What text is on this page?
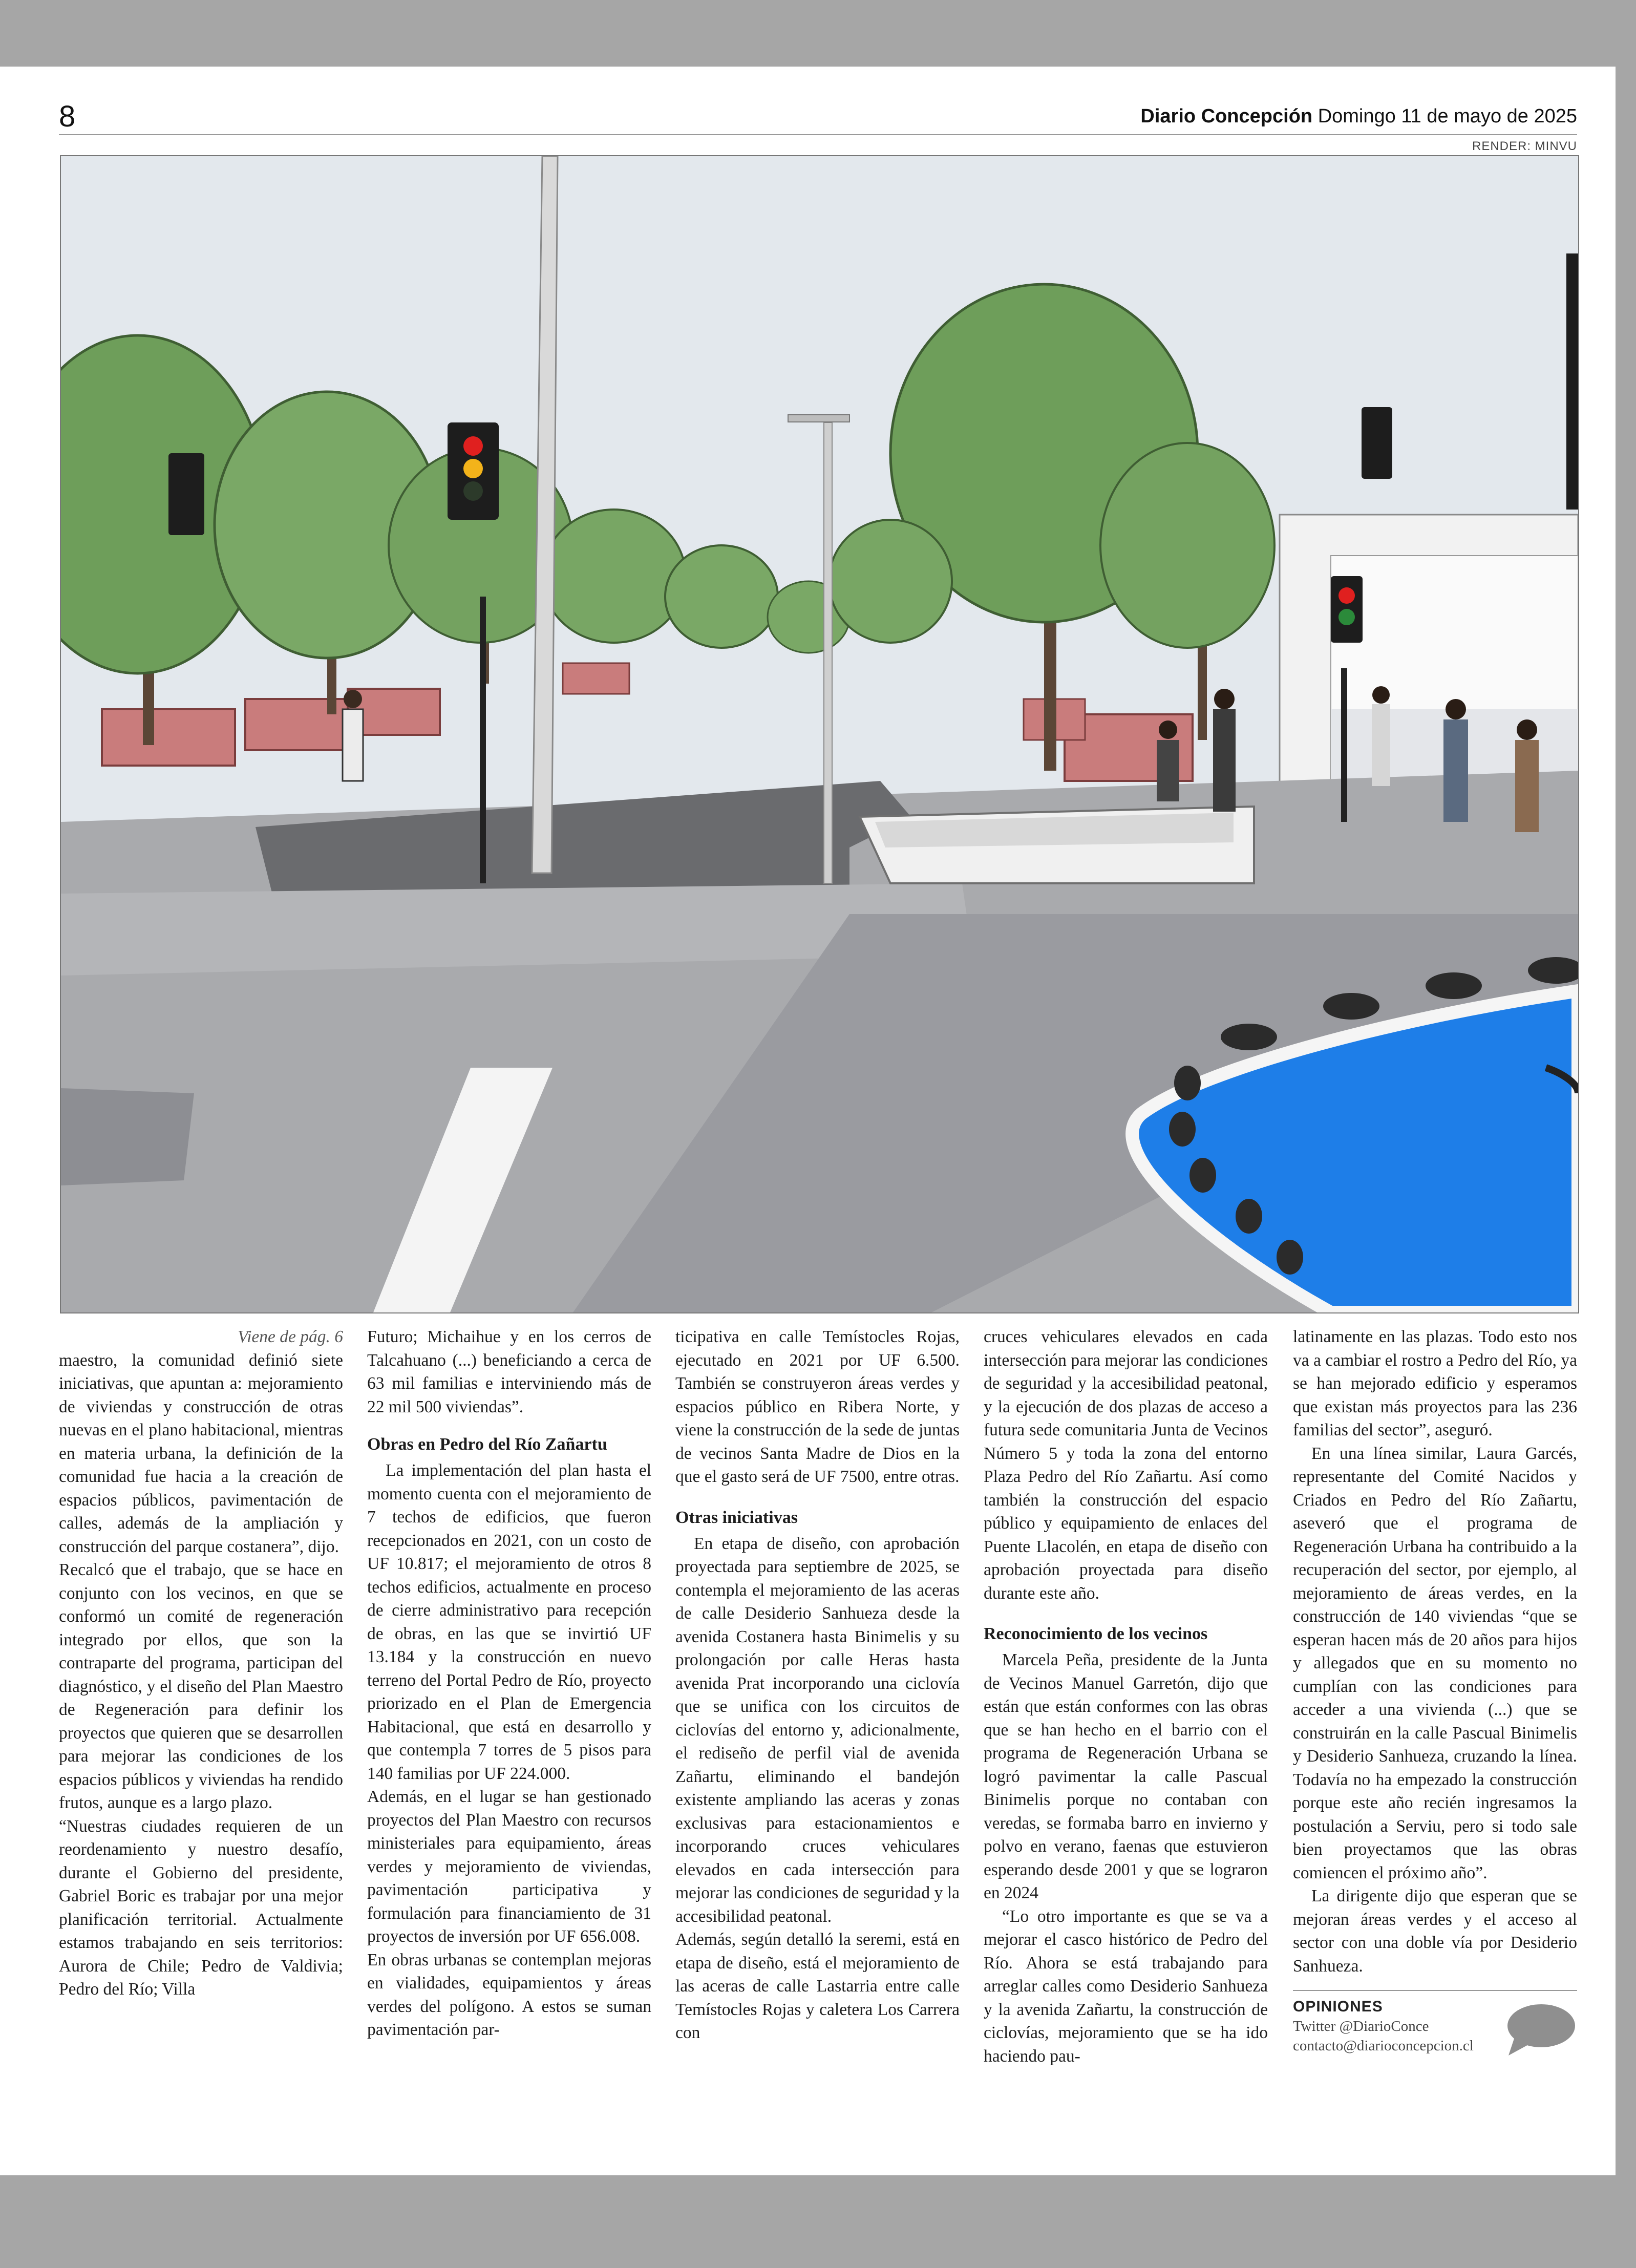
8	Diario Concepción Domingo 11 de mayo de 2025
RENDER: MINVU

Viene de pág. 6

maestro, la comunidad definió siete iniciativas, que apuntan a: mejoramiento de viviendas y construcción de otras nuevas en el plano habitacional, mientras en materia urbana, la definición de la comunidad fue hacia a la creación de espacios públicos, pavimentación de calles, además de la ampliación y construcción del parque costanera”, dijo.

Recalcó que el trabajo, que se hace en conjunto con los vecinos, en que se conformó un comité de regeneración integrado por ellos, que son la contraparte del programa, participan del diagnóstico, y el diseño del Plan Maestro de Regeneración para definir los proyectos que quieren que se desarrollen para mejorar las condiciones de los espacios públicos y viviendas ha rendido frutos, aunque es a largo plazo.

“Nuestras ciudades requieren de un reordenamiento y nuestro desafío, durante el Gobierno del presidente, Gabriel Boric es trabajar por una mejor planificación territorial. Actualmente estamos trabajando en seis territorios: Aurora de Chile; Pedro de Valdivia; Pedro del Río; Villa

Futuro; Michaihue y en los cerros de Talcahuano (...) beneficiando a cerca de 63 mil familias e interviniendo más de 22 mil 500 viviendas”.

Obras en Pedro del Río Zañartu

La implementación del plan hasta el momento cuenta con el mejoramiento de 7 techos de edificios, que fueron recepcionados en 2021, con un costo de UF 10.817; el mejoramiento de otros 8 techos edificios, actualmente en proceso de cierre administrativo para recepción de obras, en las que se invirtió UF 13.184 y la construcción en nuevo terreno del Portal Pedro de Río, proyecto priorizado en el Plan de Emergencia Habitacional, que está en desarrollo y que contempla 7 torres de 5 pisos para 140 familias por UF 224.000.

Además, en el lugar se han gestionado proyectos del Plan Maestro con recursos ministeriales para equipamiento, áreas verdes y mejoramiento de viviendas, pavimentación participativa y formulación para financiamiento de 31 proyectos de inversión por UF 656.008.

En obras urbanas se contemplan mejoras en vialidades, equipamientos y áreas verdes del polígono. A estos se suman pavimentación par-

ticipativa en calle Temístocles Rojas, ejecutado en 2021 por UF 6.500. También se construyeron áreas verdes y espacios público en Ribera Norte, y viene la construcción de la sede de juntas de vecinos Santa Madre de Dios en la que el gasto será de UF 7500, entre otras.

Otras iniciativas

En etapa de diseño, con aprobación proyectada para septiembre de 2025, se contempla el mejoramiento de las aceras de calle Desiderio Sanhueza desde la avenida Costanera hasta Binimelis y su prolongación por calle Heras hasta avenida Prat incorporando una ciclovía que se unifica con los circuitos de ciclovías del entorno y, adicionalmente, el rediseño de perfil vial de avenida Zañartu, eliminando el bandejón existente ampliando las aceras y zonas exclusivas para estacionamientos e incorporando cruces vehiculares elevados en cada intersección para mejorar las condiciones de seguridad y la accesibilidad peatonal.

Además, según detalló la seremi, está en etapa de diseño, está el mejoramiento de las aceras de calle Lastarria entre calle Temístocles Rojas y caletera Los Carrera con

cruces vehiculares elevados en cada intersección para mejorar las condiciones de seguridad y la accesibilidad peatonal, y la ejecución de dos plazas de acceso a futura sede comunitaria Junta de Vecinos Número 5 y toda la zona del entorno Plaza Pedro del Río Zañartu. Así como también la construcción del espacio público y equipamiento de enlaces del Puente Llacolén, en etapa de diseño con aprobación proyectada para diseño durante este año.

Reconocimiento de los vecinos

Marcela Peña, presidente de la Junta de Vecinos Manuel Garretón, dijo que están que están conformes con las obras que se han hecho en el barrio con el programa de Regeneración Urbana se logró pavimentar la calle Pascual Binimelis porque no contaban con veredas, se formaba barro en invierno y polvo en verano, faenas que estuvieron esperando desde 2001 y que se lograron en 2024

“Lo otro importante es que se va a mejorar el casco histórico de Pedro del Río. Ahora se está trabajando para arreglar calles como Desiderio Sanhueza y la avenida Zañartu, la construcción de ciclovías, mejoramiento que se ha ido haciendo pau-

latinamente en las plazas. Todo esto nos va a cambiar el rostro a Pedro del Río, ya se han mejorado edificio y esperamos que existan más proyectos para las 236 familias del sector”, aseguró.

En una línea similar, Laura Garcés, representante del Comité Nacidos y Criados en Pedro del Río Zañartu, aseveró que el programa de Regeneración Urbana ha contribuido a la recuperación del sector, por ejemplo, al mejoramiento de áreas verdes, en la construcción de 140 viviendas “que se esperan hacen más de 20 años para hijos y allegados que en su momento no cumplían con las condiciones para acceder a una vivienda (...) que se construirán en la calle Pascual Binimelis y Desiderio Sanhueza, cruzando la línea. Todavía no ha empezado la construcción porque este año recién ingresamos la postulación a Serviu, pero si todo sale bien proyectamos que las obras comiencen el próximo año”.

La dirigente dijo que esperan que se mejoran áreas verdes y el acceso al sector con una doble vía por Desiderio Sanhueza.

OPINIONES
Twitter @DiarioConce
contacto@diarioconcepcion.cl
